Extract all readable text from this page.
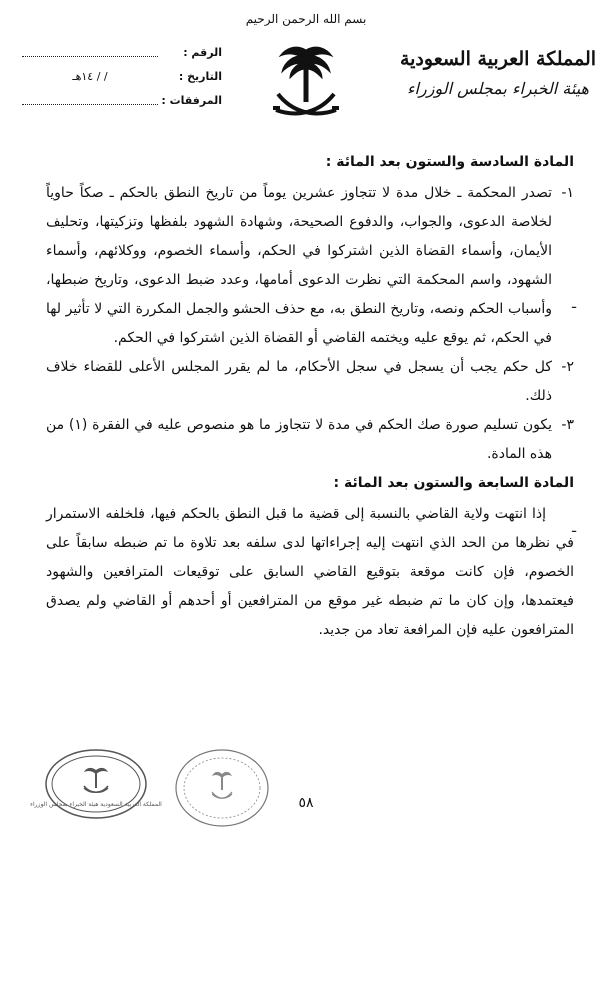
بسم الله الرحمن الرحيم
المملكة العربية السعودية
هيئة الخبراء بمجلس الوزراء
الرقم :
التاريخ :
/ / ١٤هـ
المرفقات :

المادة السادسة والستون بعد المائة :

١-
تصدر المحكمة ـ خلال مدة لا تتجاوز عشرين يوماً من تاريخ النطق بالحكم ـ صكاً حاوياً لخلاصة الدعوى، والجواب، والدفوع الصحيحة، وشهادة الشهود بلفظها وتزكيتها، وتحليف الأيمان، وأسماء القضاة الذين اشتركوا في الحكم، وأسماء الخصوم، ووكلائهم، وأسماء الشهود، واسم المحكمة التي نظرت الدعوى أمامها، وعدد ضبط الدعوى، وتاريخ ضبطها، وأسباب الحكم ونصه، وتاريخ النطق به، مع حذف الحشو والجمل المكررة التي لا تأثير لها في الحكم، ثم يوقع عليه ويختمه القاضي أو القضاة الذين اشتركوا في الحكم.

٢-
كل حكم يجب أن يسجل في سجل الأحكام، ما لم يقرر المجلس الأعلى للقضاء خلاف ذلك.

٣-
يكون تسليم صورة صك الحكم في مدة لا تتجاوز ما هو منصوص عليه في الفقرة (١) من هذه المادة.

المادة السابعة والستون بعد المائة :

إذا انتهت ولاية القاضي بالنسبة إلى قضية ما قبل النطق بالحكم فيها، فلخلفه الاستمرار في نظرها من الحد الذي انتهت إليه إجراءاتها لدى سلفه بعد تلاوة ما تم ضبطه سابقاً على الخصوم، فإن كانت موقعة بتوقيع القاضي السابق على توقيعات المترافعين والشهود فيعتمدها، وإن كان ما تم ضبطه غير موقع من المترافعين أو أحدهم أو القاضي ولم يصدق المترافعون عليه فإن المرافعة تعاد من جديد.

ـ
ـ
المملكة العربية السعودية هيئة الخبراء بمجلس الوزراء	٥٨
